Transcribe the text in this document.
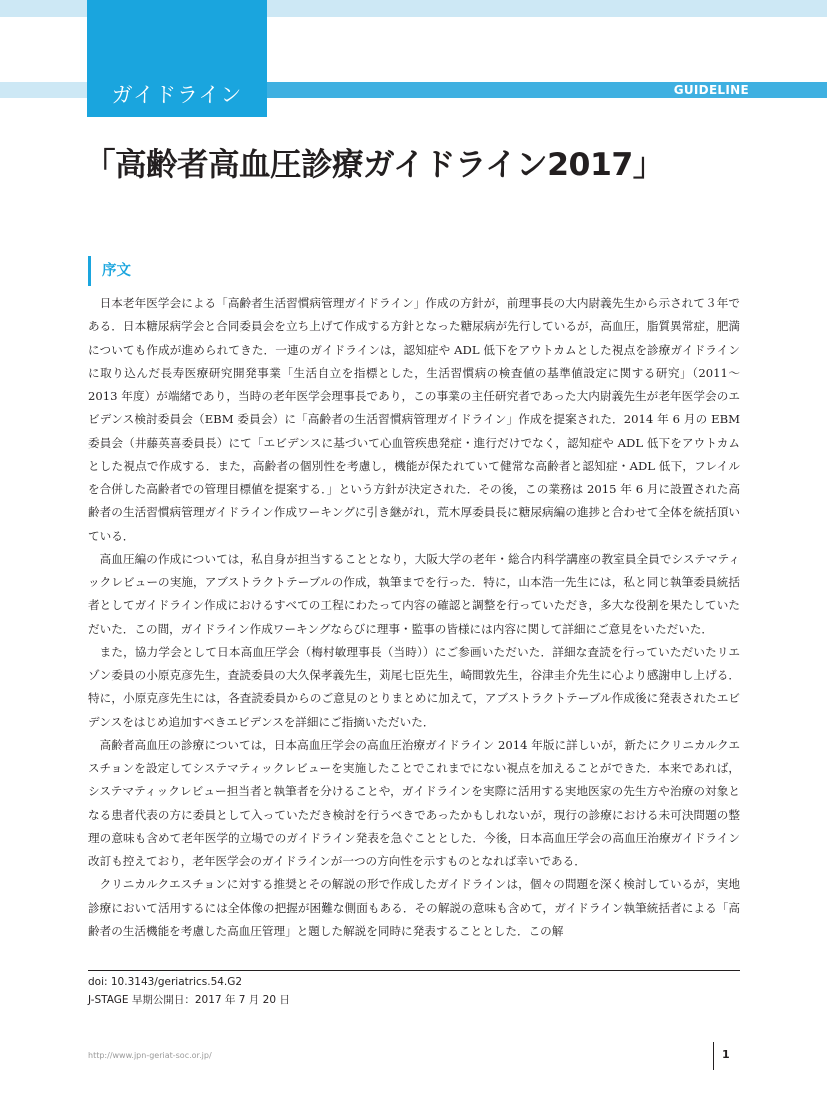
GUIDELINE
ガイドライン
「高齢者高血圧診療ガイドライン2017」
序文

日本老年医学会による「高齢者生活習慣病管理ガイドライン」作成の方針が，前理事長の大内尉義先生から示されて３年である．日本糖尿病学会と合同委員会を立ち上げて作成する方針となった糖尿病が先行しているが，高血圧，脂質異常症，肥満についても作成が進められてきた．一連のガイドラインは，認知症や ADL 低下をアウトカムとした視点を診療ガイドラインに取り込んだ長寿医療研究開発事業「生活自立を指標とした，生活習慣病の検査値の基準値設定に関する研究」（2011～2013 年度）が端緒であり，当時の老年医学会理事長であり，この事業の主任研究者であった大内尉義先生が老年医学会のエビデンス検討委員会（EBM 委員会）に「高齢者の生活習慣病管理ガイドライン」作成を提案された．2014 年 6 月の EBM 委員会（井藤英喜委員長）にて「エビデンスに基づいて心血管疾患発症・進行だけでなく，認知症や ADL 低下をアウトカムとした視点で作成する．また，高齢者の個別性を考慮し，機能が保たれていて健常な高齢者と認知症・ADL 低下，フレイルを合併した高齢者での管理目標値を提案する．」という方針が決定された．その後，この業務は 2015 年 6 月に設置された高齢者の生活習慣病管理ガイドライン作成ワーキングに引き継がれ，荒木厚委員長に糖尿病編の進捗と合わせて全体を統括頂いている．

高血圧編の作成については，私自身が担当することとなり，大阪大学の老年・総合内科学講座の教室員全員でシステマティックレビューの実施，アブストラクトテーブルの作成，執筆までを行った．特に，山本浩一先生には，私と同じ執筆委員統括者としてガイドライン作成におけるすべての工程にわたって内容の確認と調整を行っていただき，多大な役割を果たしていただいた．この間，ガイドライン作成ワーキングならびに理事・監事の皆様には内容に関して詳細にご意見をいただいた．

また，協力学会として日本高血圧学会（梅村敏理事長（当時））にご参画いただいた．詳細な査読を行っていただいたリエゾン委員の小原克彦先生，査読委員の大久保孝義先生，苅尾七臣先生，崎間敦先生，谷津圭介先生に心より感謝申し上げる．特に，小原克彦先生には，各査読委員からのご意見のとりまとめに加えて，アブストラクトテーブル作成後に発表されたエビデンスをはじめ追加すべきエビデンスを詳細にご指摘いただいた．

高齢者高血圧の診療については，日本高血圧学会の高血圧治療ガイドライン 2014 年版に詳しいが，新たにクリニカルクエスチョンを設定してシステマティックレビューを実施したことでこれまでにない視点を加えることができた．本来であれば，システマティックレビュー担当者と執筆者を分けることや，ガイドラインを実際に活用する実地医家の先生方や治療の対象となる患者代表の方に委員として入っていただき検討を行うべきであったかもしれないが，現行の診療における未可決問題の整理の意味も含めて老年医学的立場でのガイドライン発表を急ぐこととした．今後，日本高血圧学会の高血圧治療ガイドライン改訂も控えており，老年医学会のガイドラインが一つの方向性を示すものとなれば幸いである．

クリニカルクエスチョンに対する推奨とその解説の形で作成したガイドラインは，個々の問題を深く検討しているが，実地診療において活用するには全体像の把握が困難な側面もある．その解説の意味も含めて，ガイドライン執筆統括者による「高齢者の生活機能を考慮した高血圧管理」と題した解説を同時に発表することとした．この解

doi: 10.3143/geriatrics.54.G2
J-STAGE 早期公開日：2017 年 7 月 20 日
http://www.jpn-geriat-soc.or.jp/	1
